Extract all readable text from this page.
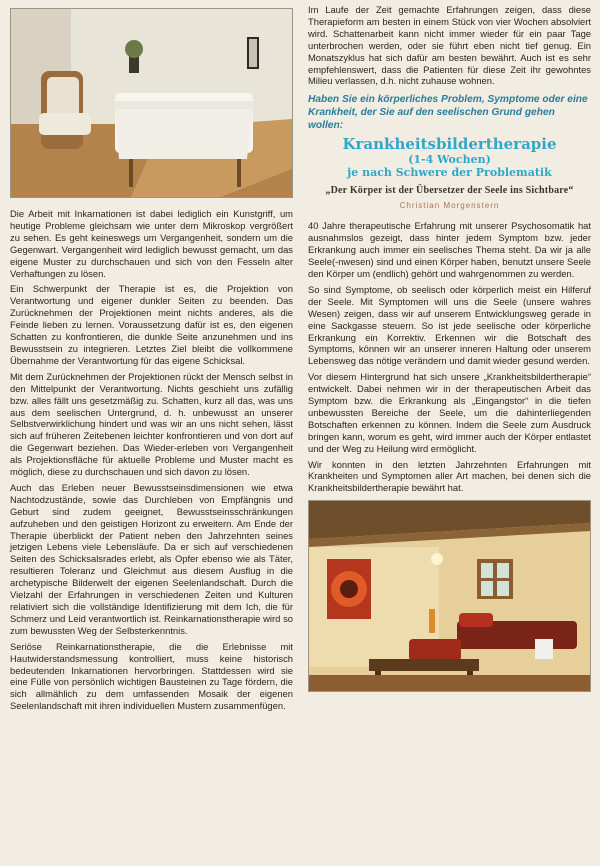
Die Arbeit mit Inkarnationen ist dabei lediglich ein Kunstgriff, um heutige Probleme gleichsam wie unter dem Mikroskop vergrößert zu sehen. Es geht keineswegs um Vergangenheit, sondern um die Gegenwart. Vergangenheit wird lediglich bewusst gemacht, um das eigene Muster zu durchschauen und sich von den Fesseln alter Verhaftungen zu lösen.

Ein Schwerpunkt der Therapie ist es, die Projektion von Verantwortung und eigener dunkler Seiten zu beenden. Das Zurücknehmen der Projektionen meint nichts anderes, als die Feinde lieben zu lernen. Voraussetzung dafür ist es, den eigenen Schatten zu konfrontieren, die dunkle Seite anzunehmen und ins Bewusstsein zu integrieren. Letztes Ziel bleibt die vollkommene Übernahme der Verantwortung für das eigene Schicksal.

Mit dem Zurücknehmen der Projektionen rückt der Mensch selbst in den Mittelpunkt der Verantwortung. Nichts geschieht uns zufällig bzw. alles fällt uns gesetzmäßig zu. Schatten, kurz all das, was uns aus dem seelischen Untergrund, d. h. unbewusst an unserer Selbstverwirklichung hindert und was wir an uns nicht sehen, lässt sich auf früheren Zeitebenen leichter konfrontieren und von dort auf die Gegenwart beziehen. Das Wieder-erleben von Vergangenheit als Projektionsfläche für aktuelle Probleme und Muster macht es möglich, diese zu durchschauen und sich davon zu lösen.

Auch das Erleben neuer Bewusstseinsdimensionen wie etwa Nachtodzustände, sowie das Durchleben von Empfängnis und Geburt sind zudem geeignet, Bewusstseinsschränkungen aufzuheben und den geistigen Horizont zu erweitern. Am Ende der Therapie überblickt der Patient neben den Jahrzehnten seines jetzigen Lebens viele Lebensläufe. Da er sich auf verschiedenen Seiten des Schicksalsrades erlebt, als Opfer ebenso wie als Täter, resultieren Toleranz und Gleichmut aus diesem Ausflug in die archetypische Bilderwelt der eigenen Seelenlandschaft. Durch die Vielzahl der Erfahrungen in verschiedenen Zeiten und Kulturen relativiert sich die vollständige Identifizierung mit dem Ich, die für Schmerz und Leid verantwortlich ist. Reinkarnationstherapie wird so zum bewussten Weg der Selbsterkenntnis.

Seriöse Reinkarnationstherapie, die die Erlebnisse mit Hautwiderstandsmessung kontrolliert, muss keine historisch bedeutenden Inkarnationen hervorbringen. Stattdessen wird sie eine Fülle von persönlich wichtigen Bausteinen zu Tage fördern, die sich allmählich zu dem umfassenden Mosaik der eigenen Seelenlandschaft mit ihren individuellen Mustern zusammenfügen.

Im Laufe der Zeit gemachte Erfahrungen zeigen, dass diese Therapieform am besten in einem Stück von vier Wochen absolviert wird. Schattenarbeit kann nicht immer wieder für ein paar Tage unterbrochen werden, oder sie führt eben nicht tief genug. Ein Monatszyklus hat sich dafür am besten bewährt. Auch ist es sehr empfehlenswert, dass die Patienten für diese Zeit ihr gewohntes Milieu verlassen, d.h. nicht zuhause wohnen.

Haben Sie ein körperliches Problem, Symptome oder eine Krankheit, der Sie auf den seelischen Grund gehen wollen:
Krankheitsbildertherapie
(1-4 Wochen)
je nach Schwere der Problematik
„Der Körper ist der Übersetzer der Seele ins Sichtbare“
Christian Morgenstern

40 Jahre therapeutische Erfahrung mit unserer Psychosomatik hat ausnahmslos gezeigt, dass hinter jedem Symptom bzw. jeder Erkrankung auch immer ein seelisches Thema steht. Da wir ja alle Seele(-nwesen) sind und einen Körper haben, benutzt unsere Seele den Körper um (endlich) gehört und wahrgenommen zu werden.

So sind Symptome, ob seelisch oder körperlich meist ein Hilferuf der Seele. Mit Symptomen will uns die Seele (unsere wahres Wesen) zeigen, dass wir auf unserem Entwicklungsweg gerade in eine Sackgasse steuern. So ist jede seelische oder körperliche Erkrankung ein Korrektiv. Erkennen wir die Botschaft des Symptoms, können wir an unserer inneren Haltung oder unserem Lebensweg das nötige verändern und damit wieder gesund werden.

Vor diesem Hintergrund hat sich unsere „Krankheitsbildertherapie“ entwickelt. Dabei nehmen wir in der therapeutischen Arbeit das Symptom bzw. die Erkrankung als „Eingangstor“ in die tiefen unbewussten Bereiche der Seele, um die dahinterliegenden Botschaften erkennen zu können. Indem die Seele zum Ausdruck bringen kann, worum es geht, wird immer auch der Körper entlastet und der Weg zu Heilung wird ermöglicht.

Wir konnten in den letzten Jahrzehnten Erfahrungen mit Krankheiten und Symptomen aller Art machen, bei denen sich die Krankheitsbildertherapie bewährt hat.
